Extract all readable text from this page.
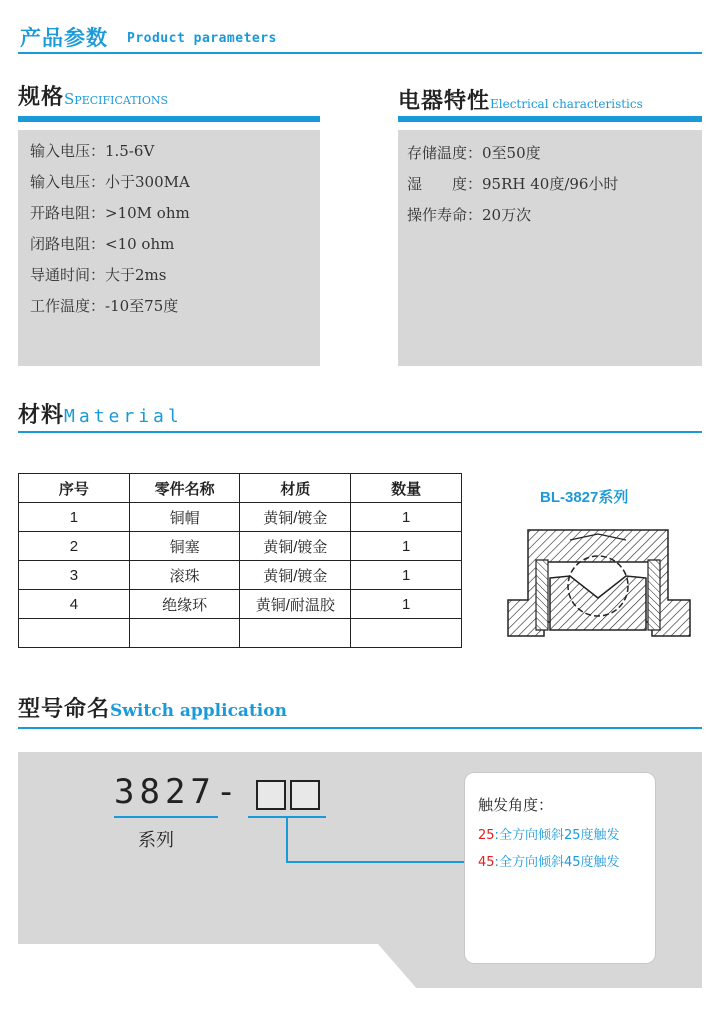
产品参数 Product parameters
规格Specifications
输入电压：1.5-6V
输入电压：小于300MA
开路电阻：>10M ohm
闭路电阻：<10 ohm
导通时间：大于2ms
工作温度：-10至75度
电器特性Electrical characteristics
存储温度：0至50度
湿　　度：95RH 40度/96小时
操作寿命：20万次
材料Material
序号	零件名称	材质	数量
1	铜帽	黄铜/镀金	1
2	铜塞	黄铜/镀金	1
3	滚珠	黄铜/镀金	1
4	绝缘环	黄铜/耐温胶	1

BL-3827系列
型号命名Switch application
3827-
系列
触发角度：
25:全方向倾斜25度触发
45:全方向倾斜45度触发
